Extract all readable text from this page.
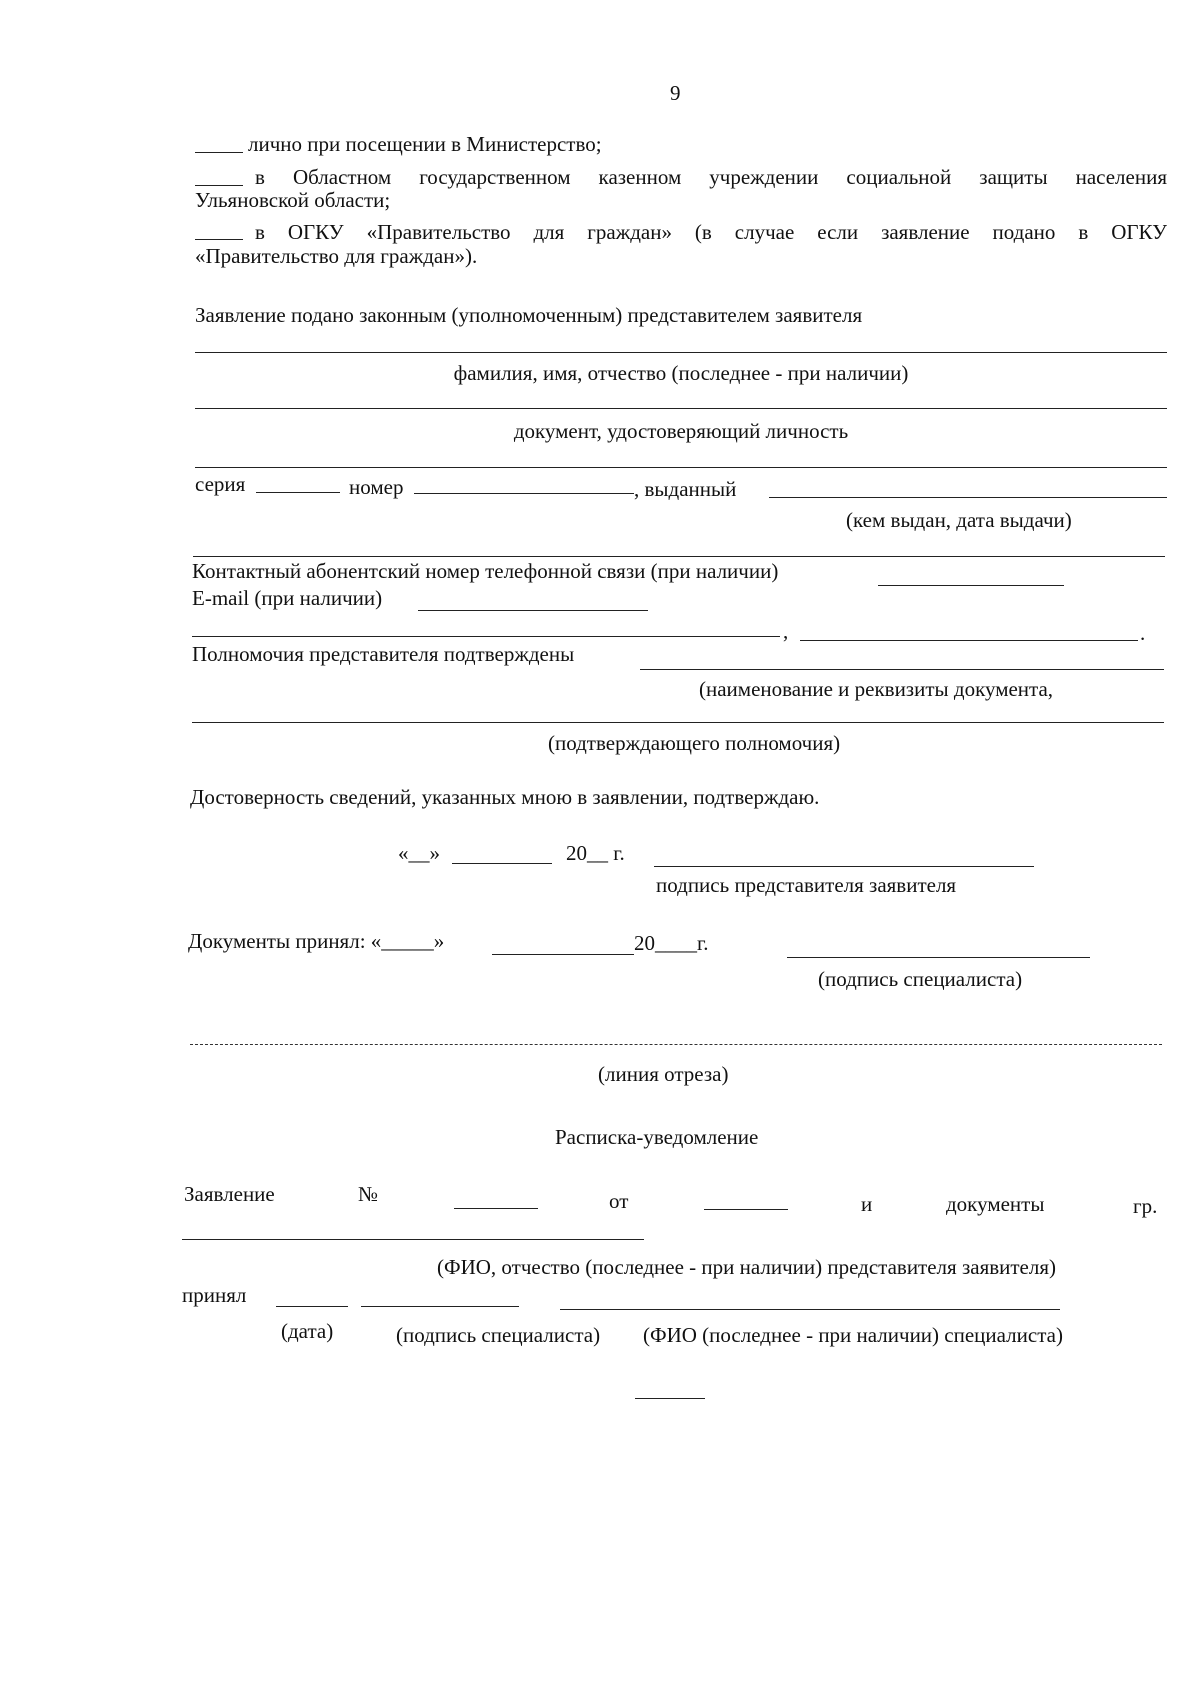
9
лично при посещении в Министерство;
в Областном государственном казенном учреждении социальной защиты населения
Ульяновской области;
в ОГКУ «Правительство для граждан» (в случае если заявление подано в ОГКУ
«Правительство для граждан»).
Заявление подано законным (уполномоченным) представителем заявителя
фамилия, имя, отчество (последнее - при наличии)
документ, удостоверяющий личность
серия	номер	, выданный
(кем выдан, дата выдачи)
Контактный абонентский номер телефонной связи (при наличии)
E-mail (при наличии)
,	.
Полномочия представителя подтверждены
(наименование и реквизиты документа,
(подтверждающего полномочия)
Достоверность сведений, указанных мною в заявлении, подтверждаю.
«__»	20__ г.
подпись представителя заявителя
Документы принял: «_____»	20____г.
(подпись специалиста)
(линия отреза)
Расписка-уведомление
Заявление	№	от	и	документы	гр.
(ФИО, отчество (последнее - при наличии) представителя заявителя)
принял
(дата)	(подпись специалиста) (ФИО (последнее - при наличии) специалиста)
